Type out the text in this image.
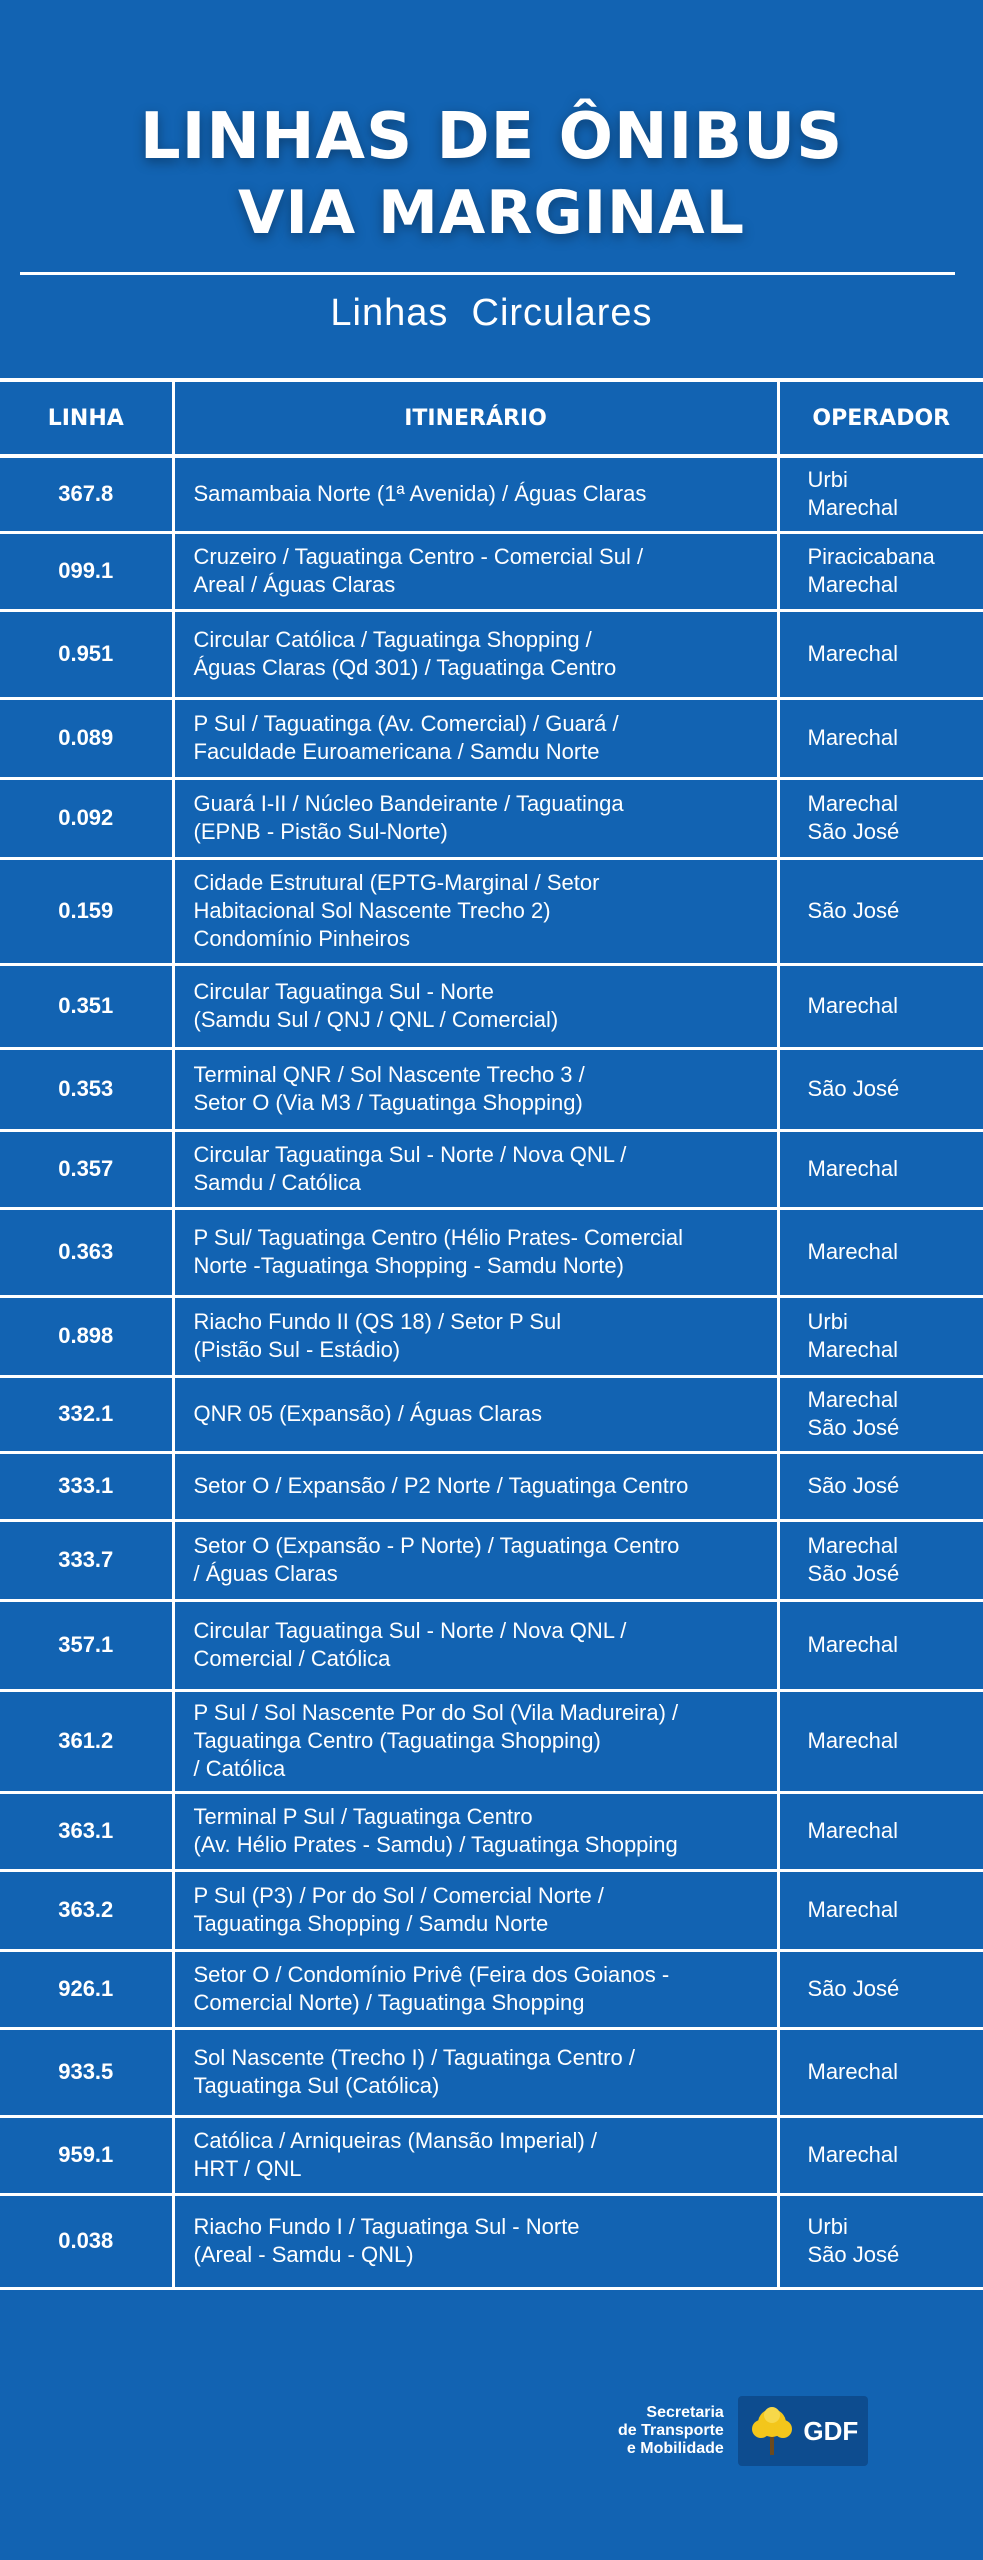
LINHAS DE ÔNIBUS
VIA MARGINAL
Linhas  Circulares
LINHA	ITINERÁRIO	OPERADOR
367.8	Samambaia Norte (1ª Avenida) / Águas Claras	Urbi
Marechal
099.1	Cruzeiro / Taguatinga Centro - Comercial Sul /
Areal / Águas Claras	Piracicabana
Marechal
0.951	Circular Católica / Taguatinga Shopping /
Águas Claras (Qd 301) / Taguatinga Centro	Marechal
0.089	P Sul / Taguatinga (Av. Comercial) / Guará /
Faculdade Euroamericana / Samdu Norte	Marechal
0.092	Guará I-II / Núcleo Bandeirante / Taguatinga
(EPNB - Pistão Sul-Norte)	Marechal
São José
0.159	Cidade Estrutural (EPTG-Marginal / Setor
Habitacional Sol Nascente Trecho 2)
Condomínio Pinheiros	São José
0.351	Circular Taguatinga Sul - Norte
(Samdu Sul / QNJ / QNL / Comercial)	Marechal
0.353	Terminal QNR / Sol Nascente Trecho 3 /
Setor O (Via M3 / Taguatinga Shopping)	São José
0.357	Circular Taguatinga Sul - Norte / Nova QNL /
Samdu / Católica	Marechal
0.363	P Sul/ Taguatinga Centro (Hélio Prates- Comercial
Norte -Taguatinga Shopping - Samdu Norte)	Marechal
0.898	Riacho Fundo II (QS 18) / Setor P Sul
(Pistão Sul - Estádio)	Urbi
Marechal
332.1	QNR 05 (Expansão) / Águas Claras	Marechal
São José
333.1	Setor O / Expansão / P2 Norte / Taguatinga Centro	São José
333.7	Setor O (Expansão - P Norte) / Taguatinga Centro
/ Águas Claras	Marechal
São José
357.1	Circular Taguatinga Sul - Norte / Nova QNL /
Comercial / Católica	Marechal
361.2	P Sul / Sol Nascente Por do Sol (Vila Madureira) /
Taguatinga Centro (Taguatinga Shopping)
/ Católica	Marechal
363.1	Terminal P Sul / Taguatinga Centro
(Av. Hélio Prates - Samdu) / Taguatinga Shopping	Marechal
363.2	P Sul (P3) / Por do Sol / Comercial Norte /
Taguatinga Shopping / Samdu Norte	Marechal
926.1	Setor O / Condomínio Privê (Feira dos Goianos -
Comercial Norte) / Taguatinga Shopping	São José
933.5	Sol Nascente (Trecho I) / Taguatinga Centro /
Taguatinga Sul (Católica)	Marechal
959.1	Católica / Arniqueiras (Mansão Imperial) /
HRT / QNL	Marechal
0.038	Riacho Fundo I / Taguatinga Sul - Norte
(Areal - Samdu - QNL)	Urbi
São José
Secretaria
de Transporte
e Mobilidade
GDF
